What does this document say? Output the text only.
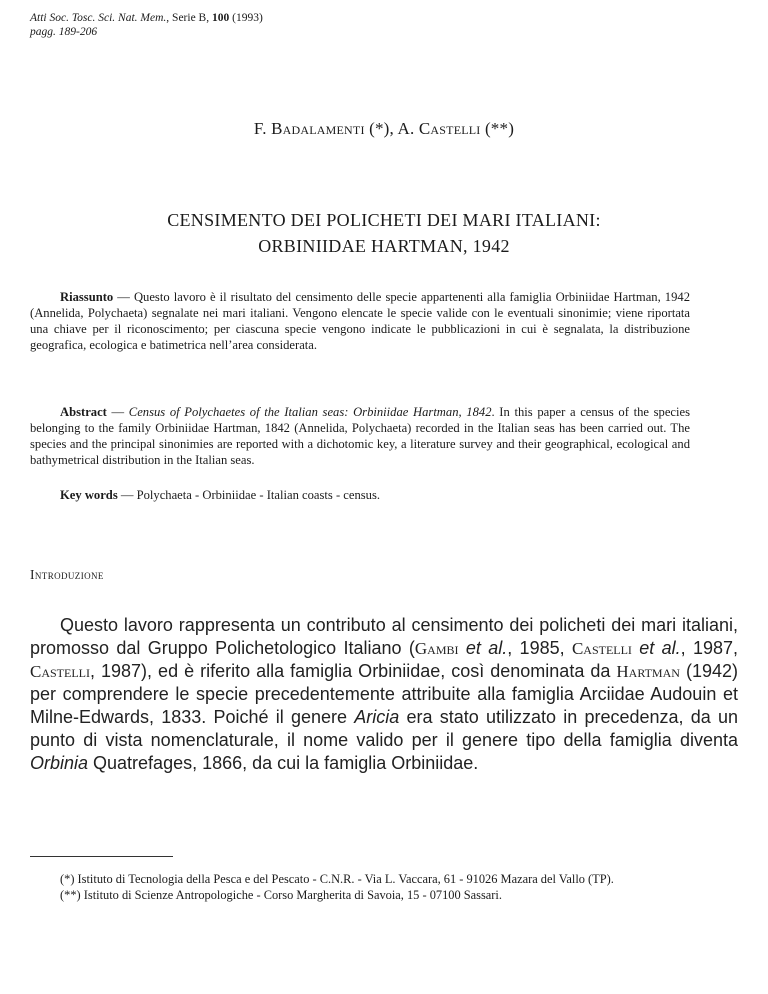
Atti Soc. Tosc. Sci. Nat. Mem., Serie B, 100 (1993)
pagg. 189-206
F. Badalamenti (*), A. Castelli (**)
CENSIMENTO DEI POLICHETI DEI MARI ITALIANI:
ORBINIIDAE HARTMAN, 1942

Riassunto — Questo lavoro è il risultato del censimento delle specie appartenenti alla famiglia Orbiniidae Hartman, 1942 (Annelida, Polychaeta) segnalate nei mari italiani. Vengono elencate le specie valide con le eventuali sinonimie; viene riportata una chiave per il riconoscimento; per ciascuna specie vengono indicate le pubblicazioni in cui è segnalata, la distribuzione geografica, ecologica e batimetrica nell’area considerata.

Abstract — Census of Polychaetes of the Italian seas: Orbiniidae Hartman, 1842. In this paper a census of the species belonging to the family Orbiniidae Hartman, 1842 (Annelida, Polychaeta) recorded in the Italian seas has been carried out. The species and the principal sinonimies are reported with a dichotomic key, a literature survey and their geographical, ecological and bathymetrical distribution in the Italian seas.

Key words — Polychaeta - Orbiniidae - Italian coasts - census.

Introduzione

Questo lavoro rappresenta un contributo al censimento dei policheti dei mari italiani, promosso dal Gruppo Polichetologico Italiano (Gambi et al., 1985, Castelli et al., 1987, Castelli, 1987), ed è riferito alla famiglia Orbiniidae, così denominata da Hartman (1942) per comprendere le specie precedentemente attribuite alla famiglia Arciidae Audouin et Milne-Edwards, 1833. Poiché il genere Aricia era stato utilizzato in precedenza, da un punto di vista nomenclaturale, il nome valido per il genere tipo della famiglia diventa Orbinia Quatrefages, 1866, da cui la famiglia Orbiniidae.

(*) Istituto di Tecnologia della Pesca e del Pescato - C.N.R. - Via L. Vaccara, 61 - 91026 Mazara del Vallo (TP).

(**) Istituto di Scienze Antropologiche - Corso Margherita di Savoia, 15 - 07100 Sassari.
